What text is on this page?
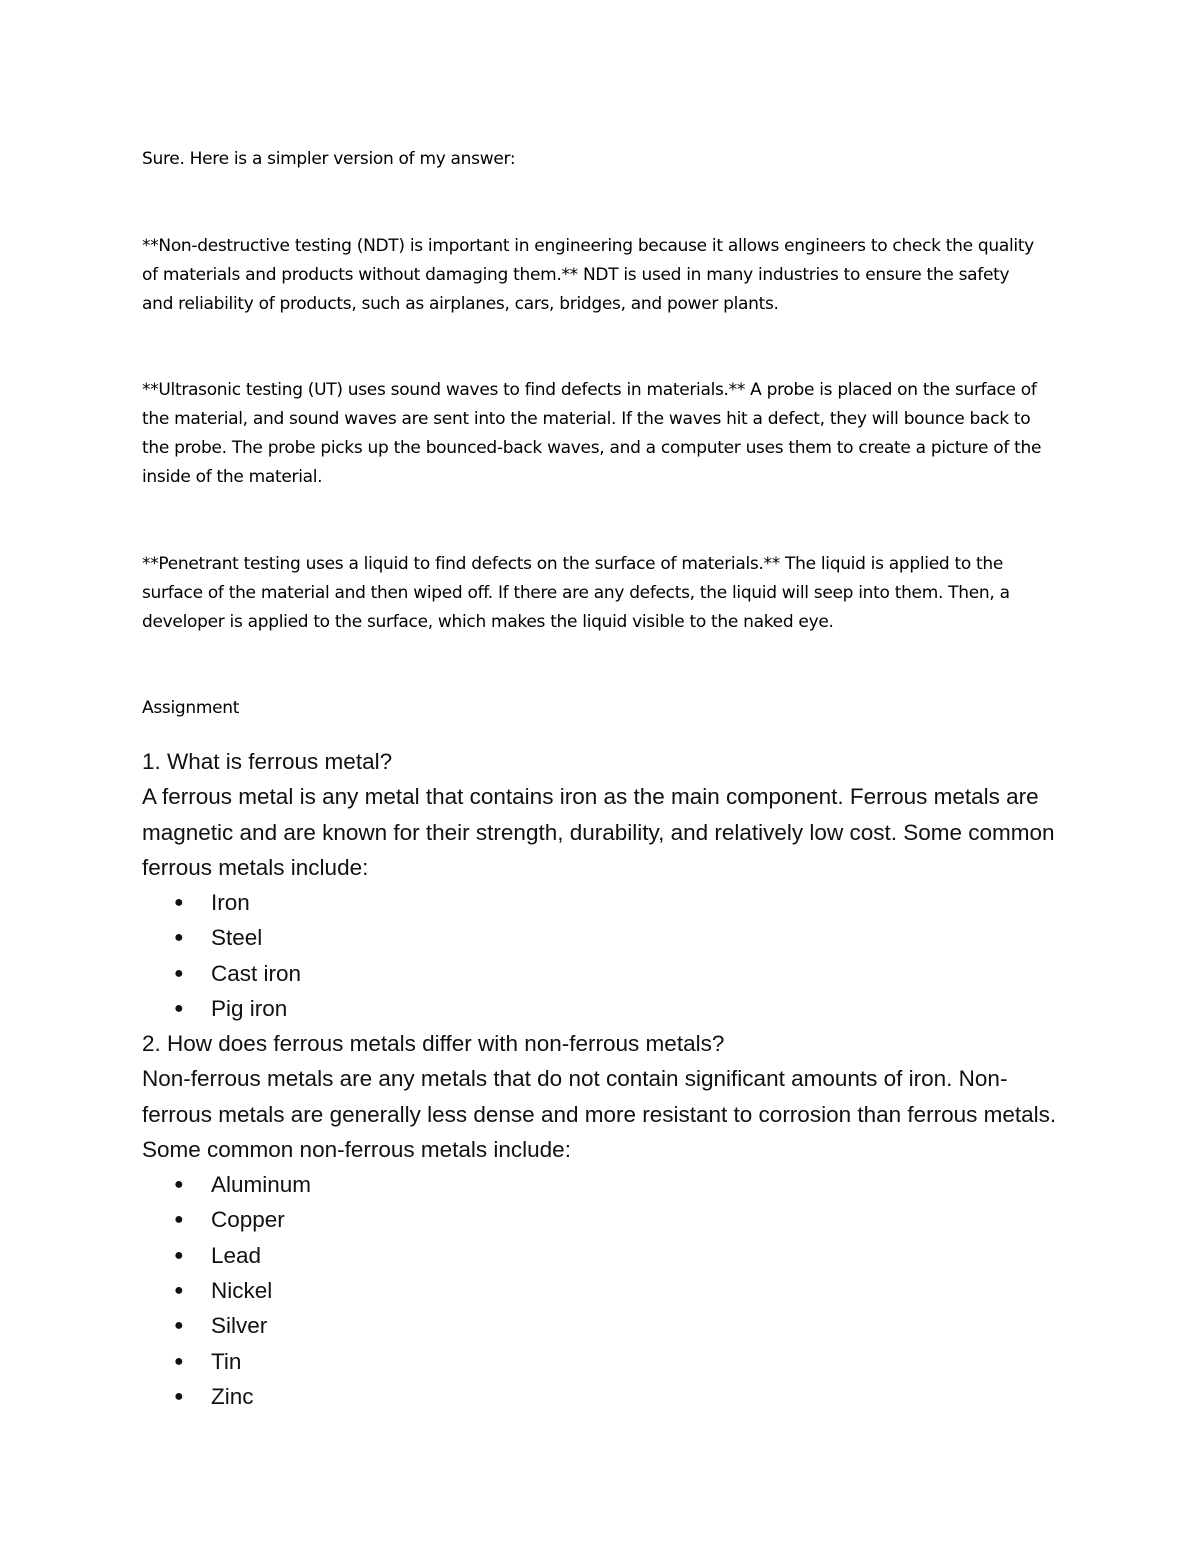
Sure. Here is a simpler version of my answer:

**Non-destructive testing (NDT) is important in engineering because it allows engineers to check the quality of materials and products without damaging them.** NDT is used in many industries to ensure the safety and reliability of products, such as airplanes, cars, bridges, and power plants.

**Ultrasonic testing (UT) uses sound waves to find defects in materials.** A probe is placed on the surface of the material, and sound waves are sent into the material. If the waves hit a defect, they will bounce back to the probe. The probe picks up the bounced-back waves, and a computer uses them to create a picture of the inside of the material.

**Penetrant testing uses a liquid to find defects on the surface of materials.** The liquid is applied to the surface of the material and then wiped off. If there are any defects, the liquid will seep into them. Then, a developer is applied to the surface, which makes the liquid visible to the naked eye.

Assignment

1. What is ferrous metal?

A ferrous metal is any metal that contains iron as the main component. Ferrous metals are magnetic and are known for their strength, durability, and relatively low cost. Some common ferrous metals include:

● Iron
● Steel
● Cast iron
● Pig iron

2. How does ferrous metals differ with non-ferrous metals?

Non-ferrous metals are any metals that do not contain significant amounts of iron. Non-ferrous metals are generally less dense and more resistant to corrosion than ferrous metals. Some common non-ferrous metals include:

● Aluminum
● Copper
● Lead
● Nickel
● Silver
● Tin
● Zinc
